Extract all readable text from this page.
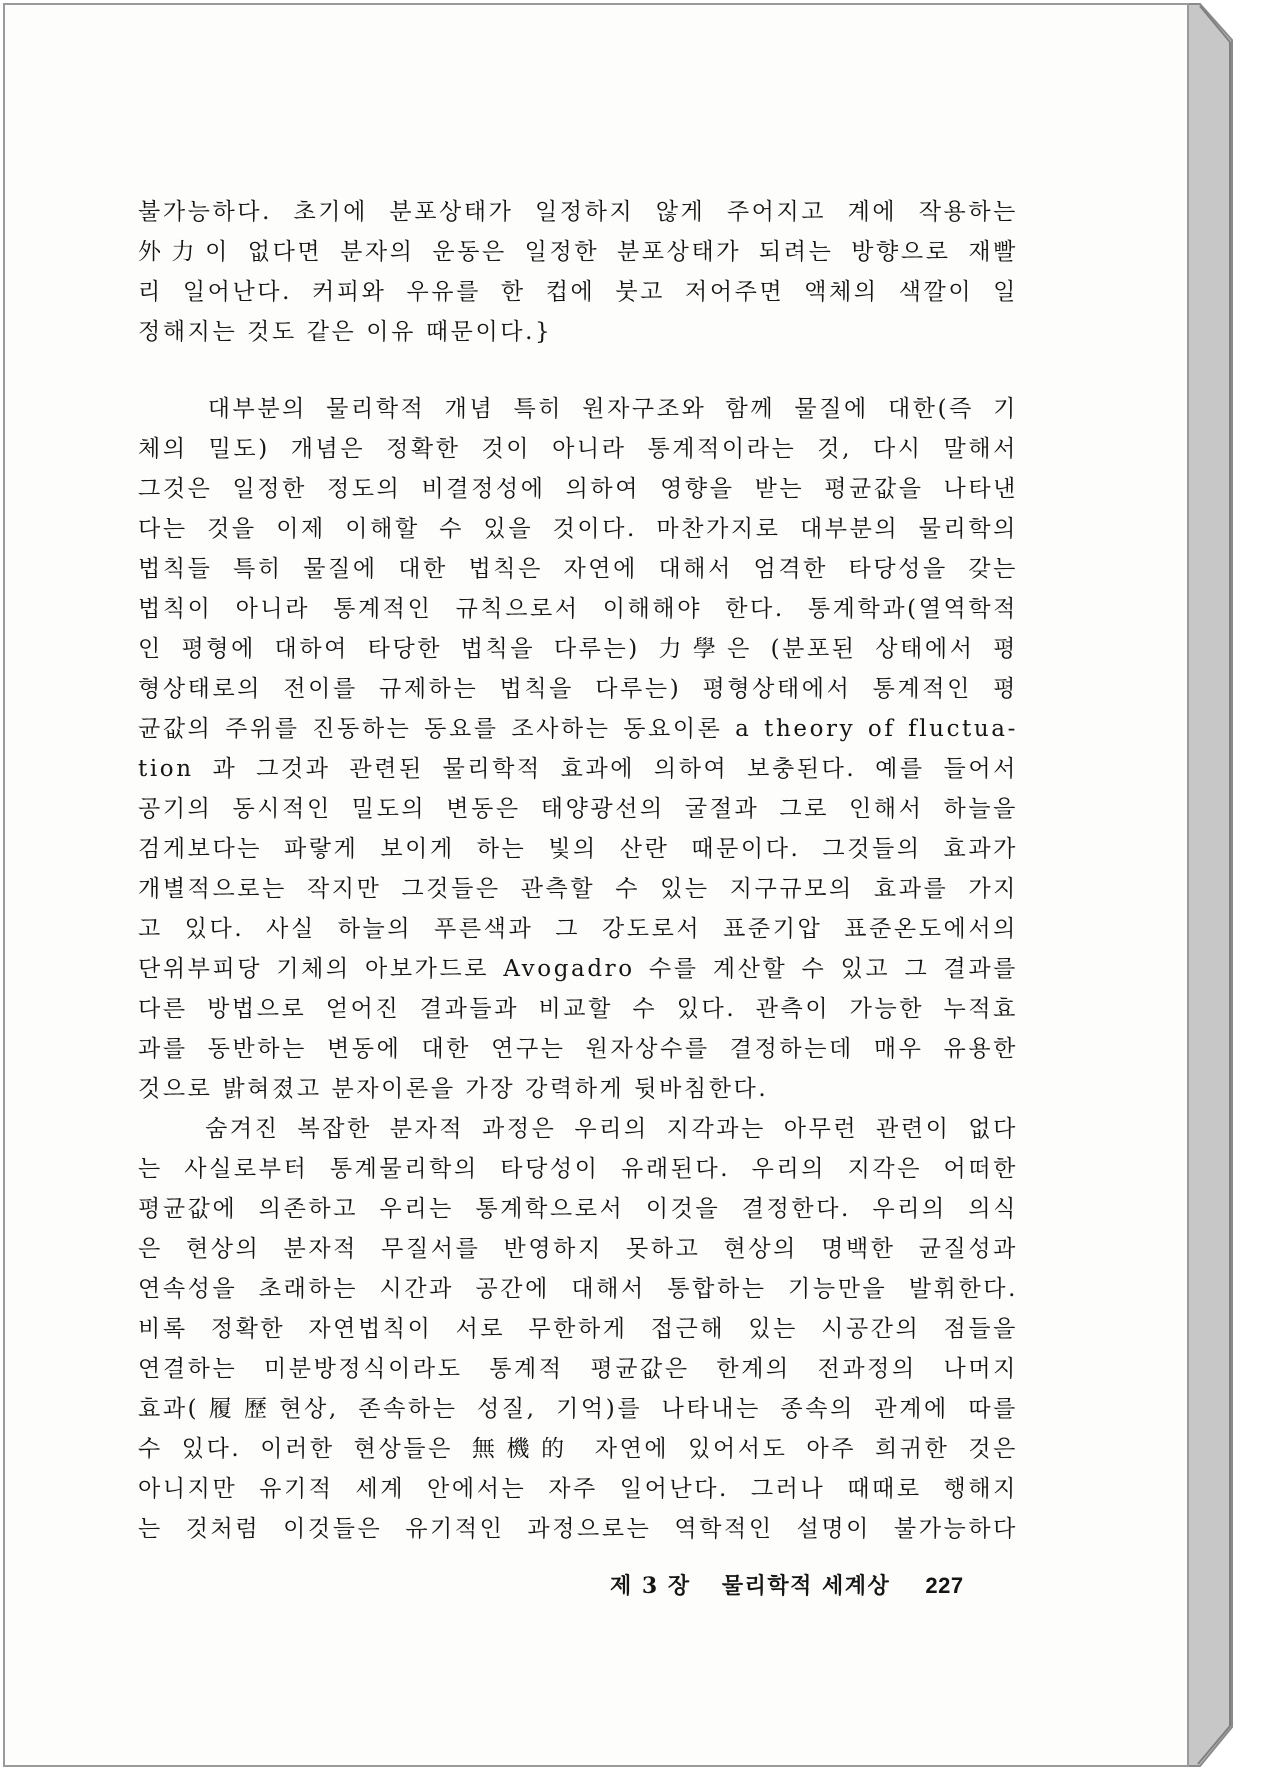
불가능하다. 초기에 분포상태가 일정하지 않게 주어지고 계에 작용하는
外力이 없다면 분자의 운동은 일정한 분포상태가 되려는 방향으로 재빨
리 일어난다. 커피와 우유를 한 컵에 붓고 저어주면 액체의 색깔이 일
정해지는 것도 같은 이유 때문이다.}
　　대부분의 물리학적 개념 특히 원자구조와 함께 물질에 대한(즉 기
체의 밀도) 개념은 정확한 것이 아니라 통계적이라는 것, 다시 말해서
그것은 일정한 정도의 비결정성에 의하여 영향을 받는 평균값을 나타낸
다는 것을 이제 이해할 수 있을 것이다. 마찬가지로 대부분의 물리학의
법칙들 특히 물질에 대한 법칙은 자연에 대해서 엄격한 타당성을 갖는
법칙이 아니라 통계적인 규칙으로서 이해해야 한다. 통계학과(열역학적
인 평형에 대하여 타당한 법칙을 다루는) 力學은 (분포된 상태에서 평
형상태로의 전이를 규제하는 법칙을 다루는) 평형상태에서 통계적인 평
균값의 주위를 진동하는 동요를 조사하는 동요이론 a theory of fluctua-
tion 과 그것과 관련된 물리학적 효과에 의하여 보충된다. 예를 들어서
공기의 동시적인 밀도의 변동은 태양광선의 굴절과 그로 인해서 하늘을
검게보다는 파랗게 보이게 하는 빛의 산란 때문이다. 그것들의 효과가
개별적으로는 작지만 그것들은 관측할 수 있는 지구규모의 효과를 가지
고 있다. 사실 하늘의 푸른색과 그 강도로서 표준기압 표준온도에서의
단위부피당 기체의 아보가드로 Avogadro 수를 계산할 수 있고 그 결과를
다른 방법으로 얻어진 결과들과 비교할 수 있다. 관측이 가능한 누적효
과를 동반하는 변동에 대한 연구는 원자상수를 결정하는데 매우 유용한
것으로 밝혀졌고 분자이론을 가장 강력하게 뒷바침한다.
　　숨겨진 복잡한 분자적 과정은 우리의 지각과는 아무런 관련이 없다
는 사실로부터 통계물리학의 타당성이 유래된다. 우리의 지각은 어떠한
평균값에 의존하고 우리는 통계학으로서 이것을 결정한다. 우리의 의식
은 현상의 분자적 무질서를 반영하지 못하고 현상의 명백한 균질성과
연속성을 초래하는 시간과 공간에 대해서 통합하는 기능만을 발휘한다.
비록 정확한 자연법칙이 서로 무한하게 접근해 있는 시공간의 점들을
연결하는 미분방정식이라도 통계적 평균값은 한계의 전과정의 나머지
효과(履歷현상, 존속하는 성질, 기억)를 나타내는 종속의 관계에 따를
수 있다. 이러한 현상들은 無機的 자연에 있어서도 아주 희귀한 것은
아니지만 유기적 세계 안에서는 자주 일어난다. 그러나 때때로 행해지
는 것처럼 이것들은 유기적인 과정으로는 역학적인 설명이 불가능하다
제 3 장 물리학적 세계상 227
